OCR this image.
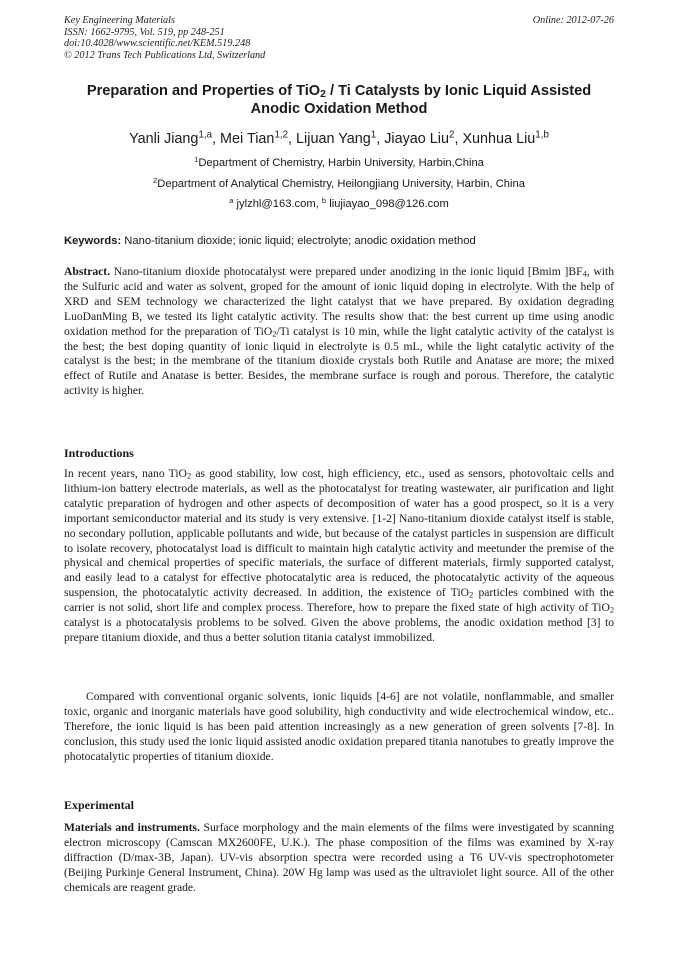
Key Engineering Materials
ISSN: 1662-9795, Vol. 519, pp 248-251
doi:10.4028/www.scientific.net/KEM.519.248
© 2012 Trans Tech Publications Ltd, Switzerland
Online: 2012-07-26
Preparation and Properties of TiO$_2$ / Ti Catalysts by Ionic Liquid Assisted
Anodic Oxidation Method
Yanli Jiang$^{1,a}$, Mei Tian$^{1,2}$, Lijuan Yang$^1$, Jiayao Liu$^2$, Xunhua Liu$^{1,b}$
$^1$Department of Chemistry, Harbin University, Harbin,China
$^2$Department of Analytical Chemistry, Heilongjiang University, Harbin, China
$^a$ jylzhl@163.com, $^b$ liujiayao_098@126.com
Keywords: Nano-titanium dioxide; ionic liquid; electrolyte; anodic oxidation method
Abstract. Nano-titanium dioxide photocatalyst were prepared under anodizing in the ionic liquid [Bmim ]$BF_4$, with the Sulfuric acid and water as solvent, groped for the amount of ionic liquid doping in electrolyte. With the help of XRD and SEM technology we characterized the light catalyst that we have prepared. By oxidation degrading LuoDanMing B, we tested its light catalytic activity. The results show that: the best current up time using anodic oxidation method for the preparation of TiO$_2$/Ti catalyst is 10 min, while the light catalytic activity of the catalyst is the best; the best doping quantity of ionic liquid in electrolyte is 0.5 mL, while the light catalytic activity of the catalyst is the best; in the membrane of the titanium dioxide crystals both Rutile and Anatase are more; the mixed effect of Rutile and Anatase is better. Besides, the membrane surface is rough and porous. Therefore, the catalytic activity is higher.
Introductions
In recent years, nano TiO$_2$ as good stability, low cost, high efficiency, etc., used as sensors, photovoltaic cells and lithium-ion battery electrode materials, as well as the photocatalyst for treating wastewater, air purification and light catalytic preparation of hydrogen and other aspects of decomposition of water has a good prospect, so it is a very important semiconductor material and its study is very extensive. [1-2] Nano-titanium dioxide catalyst itself is stable, no secondary pollution, applicable pollutants and wide, but because of the catalyst particles in suspension are difficult to isolate recovery, photocatalyst load is difficult to maintain high catalytic activity and meetunder the premise of the physical and chemical properties of specific materials, the surface of different materials, firmly supported catalyst, and easily lead to a catalyst for effective photocatalytic area is reduced, the photocatalytic activity of the aqueous suspension, the photocatalytic activity decreased. In addition, the existence of TiO$_2$ particles combined with the carrier is not solid, short life and complex process. Therefore, how to prepare the fixed state of high activity of TiO$_2$ catalyst is a photocatalysis problems to be solved. Given the above problems, the anodic oxidation method [3] to prepare titanium dioxide, and thus a better solution titania catalyst immobilized.
Compared with conventional organic solvents, ionic liquids [4-6] are not volatile, nonflammable, and smaller toxic, organic and inorganic materials have good solubility, high conductivity and wide electrochemical window, etc.. Therefore, the ionic liquid is has been paid attention increasingly as a new generation of green solvents [7-8]. In conclusion, this study used the ionic liquid assisted anodic oxidation prepared titania nanotubes to greatly improve the photocatalytic properties of titanium dioxide.
Experimental
Materials and instruments. Surface morphology and the main elements of the films were investigated by scanning electron microscopy (Camscan MX2600FE, U.K.). The phase composition of the films was examined by X-ray diffraction (D/max-3B, Japan). UV-vis absorption spectra were recorded using a T6 UV-vis spectrophotometer (Beijing Purkinje General Instrument, China). 20W Hg lamp was used as the ultraviolet light source. All of the other chemicals are reagent grade.
